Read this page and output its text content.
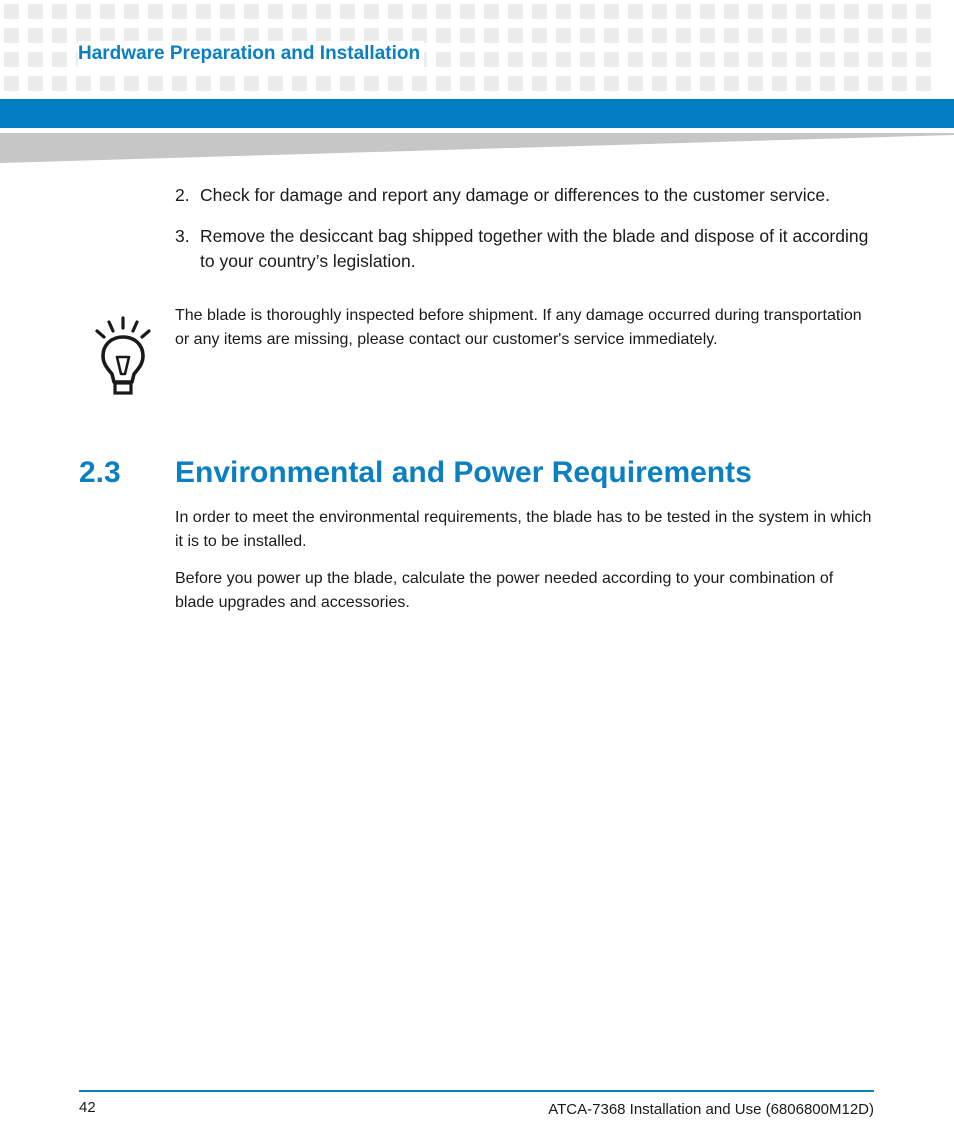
Hardware Preparation and Installation
2. Check for damage and report any damage or differences to the customer service.
3. Remove the desiccant bag shipped together with the blade and dispose of it according to your country’s legislation.
The blade is thoroughly inspected before shipment. If any damage occurred during transportation or any items are missing, please contact our customer's service immediately.
2.3 Environmental and Power Requirements
In order to meet the environmental requirements, the blade has to be tested in the system in which it is to be installed.
Before you power up the blade, calculate the power needed according to your combination of blade upgrades and accessories.
42	ATCA-7368 Installation and Use (6806800M12D)
